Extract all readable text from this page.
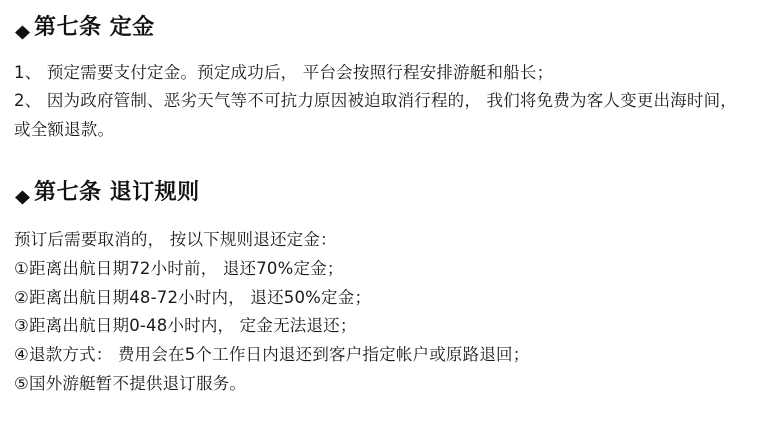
第七条 定金

1、 预定需要支付定金。预定成功后， 平台会按照行程安排游艇和船长；

2、 因为政府管制、恶劣天气等不可抗力原因被迫取消行程的， 我们将免费为客人变更出海时间， 或全额退款。

第七条 退订规则

预订后需要取消的， 按以下规则退还定金：

①距离出航日期72小时前， 退还70%定金；

②距离出航日期48-72小时内， 退还50%定金；

③距离出航日期0-48小时内， 定金无法退还；

④退款方式： 费用会在5个工作日内退还到客户指定帐户或原路退回；

⑤国外游艇暂不提供退订服务。
